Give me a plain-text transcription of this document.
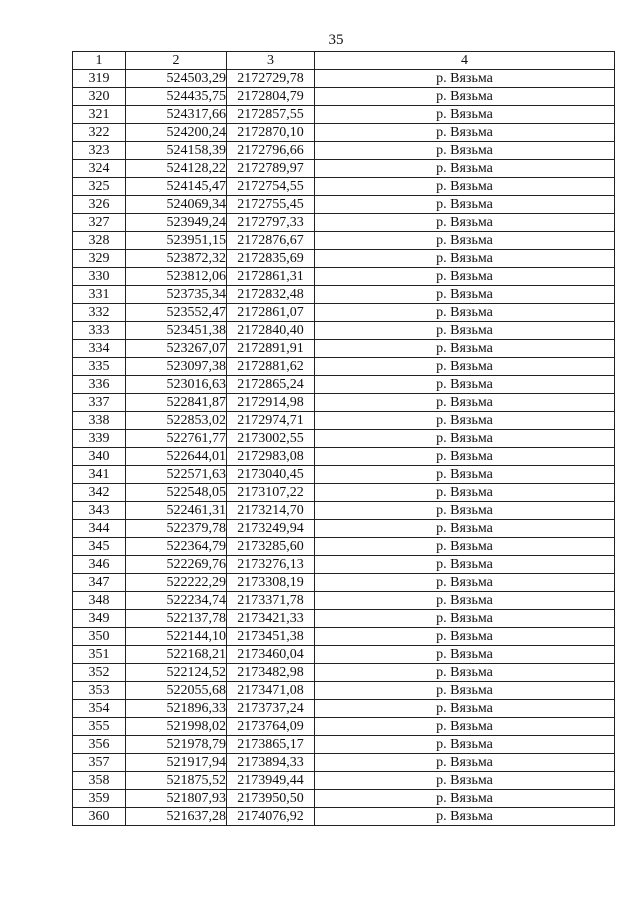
35
1	2	3	4
319	524503,29	2172729,78	р. Вязьма
320	524435,75	2172804,79	р. Вязьма
321	524317,66	2172857,55	р. Вязьма
322	524200,24	2172870,10	р. Вязьма
323	524158,39	2172796,66	р. Вязьма
324	524128,22	2172789,97	р. Вязьма
325	524145,47	2172754,55	р. Вязьма
326	524069,34	2172755,45	р. Вязьма
327	523949,24	2172797,33	р. Вязьма
328	523951,15	2172876,67	р. Вязьма
329	523872,32	2172835,69	р. Вязьма
330	523812,06	2172861,31	р. Вязьма
331	523735,34	2172832,48	р. Вязьма
332	523552,47	2172861,07	р. Вязьма
333	523451,38	2172840,40	р. Вязьма
334	523267,07	2172891,91	р. Вязьма
335	523097,38	2172881,62	р. Вязьма
336	523016,63	2172865,24	р. Вязьма
337	522841,87	2172914,98	р. Вязьма
338	522853,02	2172974,71	р. Вязьма
339	522761,77	2173002,55	р. Вязьма
340	522644,01	2172983,08	р. Вязьма
341	522571,63	2173040,45	р. Вязьма
342	522548,05	2173107,22	р. Вязьма
343	522461,31	2173214,70	р. Вязьма
344	522379,78	2173249,94	р. Вязьма
345	522364,79	2173285,60	р. Вязьма
346	522269,76	2173276,13	р. Вязьма
347	522222,29	2173308,19	р. Вязьма
348	522234,74	2173371,78	р. Вязьма
349	522137,78	2173421,33	р. Вязьма
350	522144,10	2173451,38	р. Вязьма
351	522168,21	2173460,04	р. Вязьма
352	522124,52	2173482,98	р. Вязьма
353	522055,68	2173471,08	р. Вязьма
354	521896,33	2173737,24	р. Вязьма
355	521998,02	2173764,09	р. Вязьма
356	521978,79	2173865,17	р. Вязьма
357	521917,94	2173894,33	р. Вязьма
358	521875,52	2173949,44	р. Вязьма
359	521807,93	2173950,50	р. Вязьма
360	521637,28	2174076,92	р. Вязьма
